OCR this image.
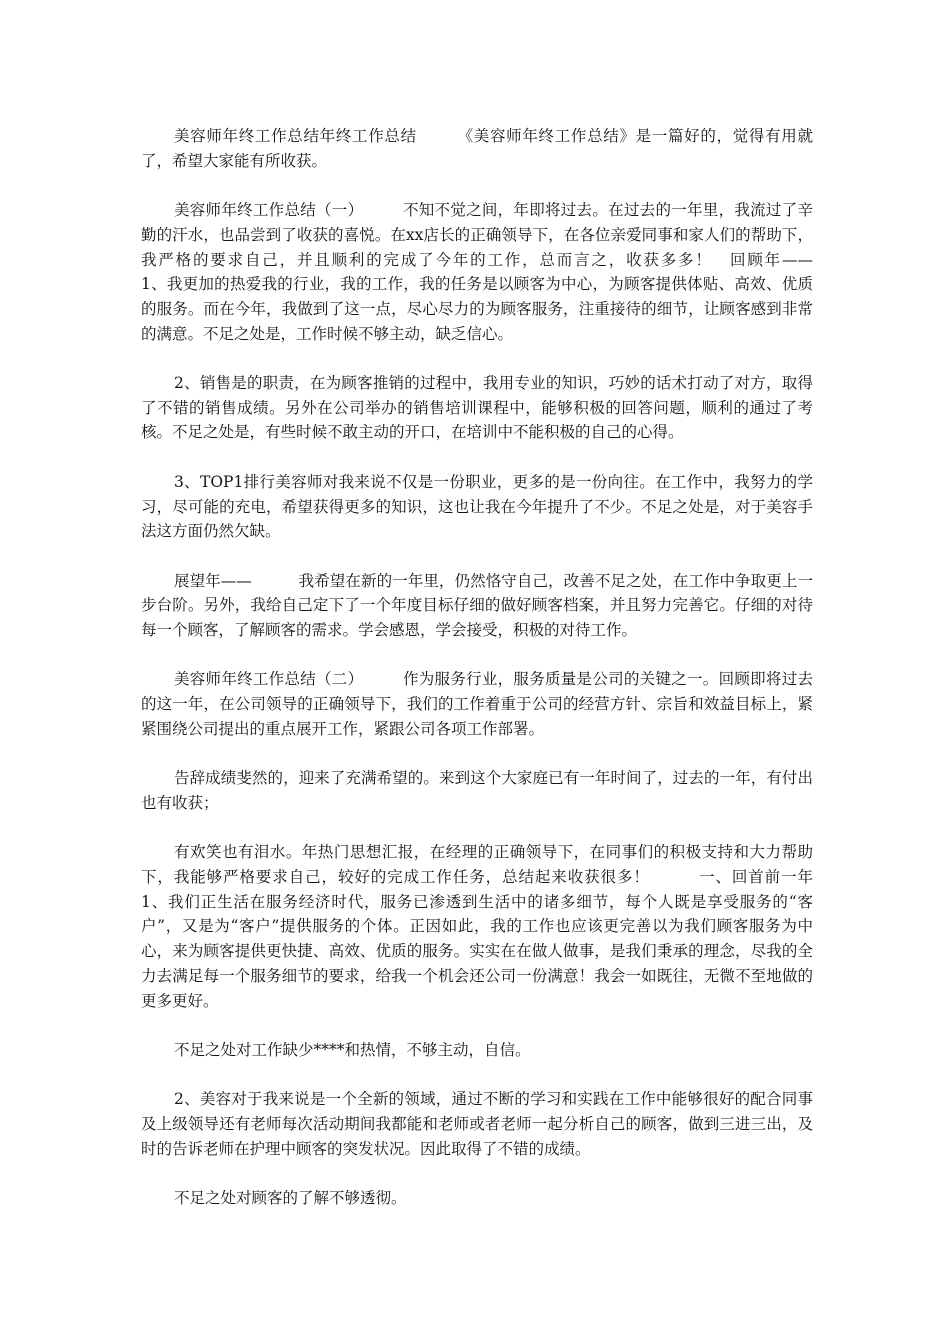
美容师年终工作总结年终工作总结　　　《美容师年终工作总结》是一篇好的，觉得有用就了，希望大家能有所收获。

美容师年终工作总结（一）　　　不知不觉之间，年即将过去。在过去的一年里，我流过了辛勤的汗水，也品尝到了收获的喜悦。在xx店长的正确领导下，在各位亲爱同事和家人们的帮助下，我严格的要求自己，并且顺利的完成了今年的工作，总而言之，收获多多！　回顾年——　　　1、我更加的热爱我的行业，我的工作，我的任务是以顾客为中心，为顾客提供体贴、高效、优质的服务。而在今年，我做到了这一点，尽心尽力的为顾客服务，注重接待的细节，让顾客感到非常的满意。不足之处是，工作时候不够主动，缺乏信心。

2、销售是的职责，在为顾客推销的过程中，我用专业的知识，巧妙的话术打动了对方，取得了不错的销售成绩。另外在公司举办的销售培训课程中，能够积极的回答问题，顺利的通过了考核。不足之处是，有些时候不敢主动的开口，在培训中不能积极的自己的心得。

3、TOP1排行美容师对我来说不仅是一份职业，更多的是一份向往。在工作中，我努力的学习，尽可能的充电，希望获得更多的知识，这也让我在今年提升了不少。不足之处是，对于美容手法这方面仍然欠缺。

展望年——　　　我希望在新的一年里，仍然恪守自己，改善不足之处，在工作中争取更上一步台阶。另外，我给自己定下了一个年度目标仔细的做好顾客档案，并且努力完善它。仔细的对待每一个顾客，了解顾客的需求。学会感恩，学会接受，积极的对待工作。

美容师年终工作总结（二）　　　作为服务行业，服务质量是公司的关键之一。回顾即将过去的这一年，在公司领导的正确领导下，我们的工作着重于公司的经营方针、宗旨和效益目标上，紧紧围绕公司提出的重点展开工作，紧跟公司各项工作部署。

告辞成绩斐然的，迎来了充满希望的。来到这个大家庭已有一年时间了，过去的一年，有付出也有收获；

有欢笑也有泪水。年热门思想汇报，在经理的正确领导下，在同事们的积极支持和大力帮助下，我能够严格要求自己，较好的完成工作任务，总结起来收获很多！　　　一、回首前一年　　　1、我们正生活在服务经济时代，服务已渗透到生活中的诸多细节，每个人既是享受服务的“客户”，又是为“客户”提供服务的个体。正因如此，我的工作也应该更完善以为我们顾客服务为中心，来为顾客提供更快捷、高效、优质的服务。实实在在做人做事，是我们秉承的理念，尽我的全力去满足每一个服务细节的要求，给我一个机会还公司一份满意！我会一如既往，无微不至地做的更多更好。

不足之处对工作缺少****和热情，不够主动，自信。

2、美容对于我来说是一个全新的领域，通过不断的学习和实践在工作中能够很好的配合同事及上级领导还有老师每次活动期间我都能和老师或者老师一起分析自己的顾客，做到三进三出，及时的告诉老师在护理中顾客的突发状况。因此取得了不错的成绩。

不足之处对顾客的了解不够透彻。
